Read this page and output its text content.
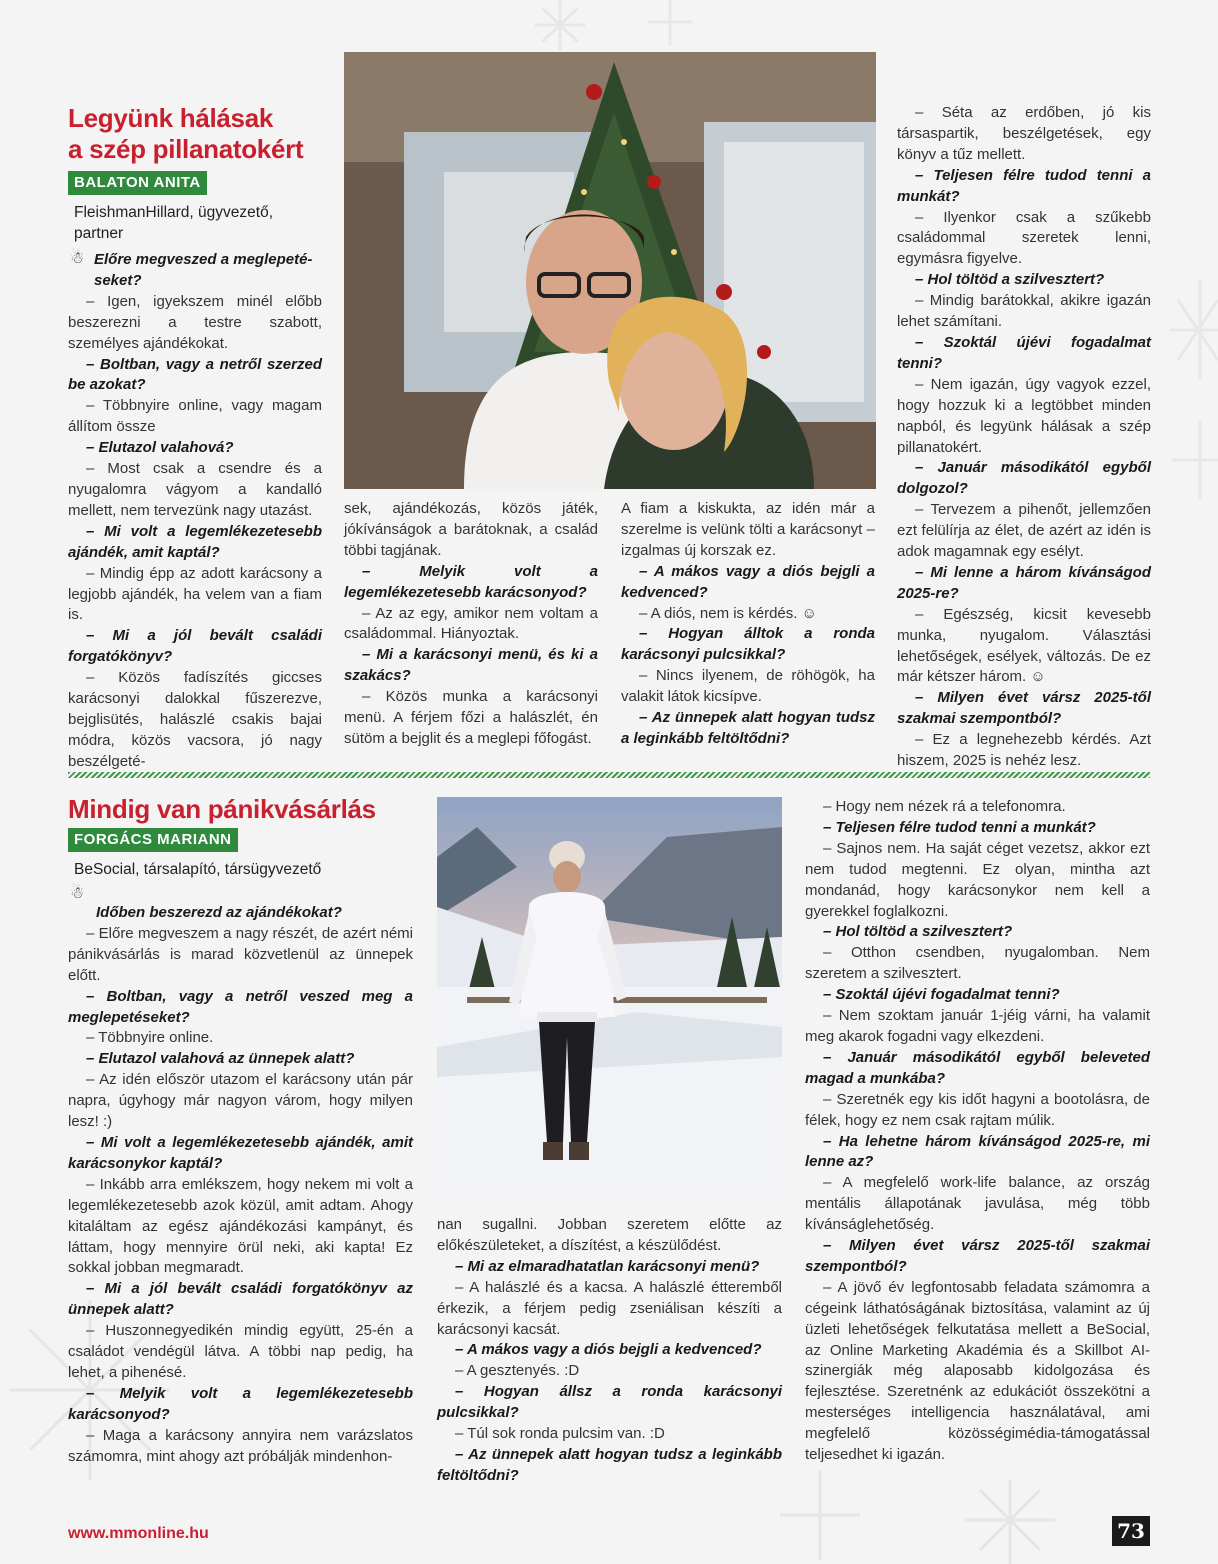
Legyünk hálásak
a szép pillanatokért
BALATON ANITA
FleishmanHillard, ügyvezető,
partner
☃ Előre megveszed a meglepeté-

seket?

– Igen, igyekszem minél előbb beszerezni a testre szabott, személyes ajándékokat.

– Boltban, vagy a netről szerzed be azokat?

– Többnyire online, vagy magam állítom össze

– Elutazol valahová?

– Most csak a csendre és a nyugalomra vágyom a kandalló mellett, nem tervezünk nagy utazást.

– Mi volt a legemlékezetesebb ajándék, amit kaptál?

– Mindig épp az adott karácsony a legjobb ajándék, ha velem van a fiam is.

– Mi a jól bevált családi forgatókönyv?

– Közös fadíszítés giccses karácsonyi dalokkal fűszerezve, bejglisütés, halászlé csakis bajai módra, közös vacsora, jó nagy beszélgeté-

sek, ajándékozás, közös játék, jókívánságok a barátoknak, a család többi tagjának.

– Melyik volt a legemlékezetesebb karácsonyod?

– Az az egy, amikor nem voltam a családommal. Hiányoztak.

– Mi a karácsonyi menü, és ki a szakács?

– Közös munka a karácsonyi menü. A férjem főzi a halászlét, én sütöm a bejglit és a meglepi főfogást.

A fiam a kiskukta, az idén már a szerelme is velünk tölti a karácsonyt – izgalmas új korszak ez.

– A mákos vagy a diós bejgli a kedvenced?

– A diós, nem is kérdés. ☺

– Hogyan álltok a ronda karácsonyi pulcsikkal?

– Nincs ilyenem, de röhögök, ha valakit látok kicsípve.

– Az ünnepek alatt hogyan tudsz a leginkább feltöltődni?

– Séta az erdőben, jó kis társaspartik, beszélgetések, egy könyv a tűz mellett.

– Teljesen félre tudod tenni a munkát?

– Ilyenkor csak a szűkebb családommal szeretek lenni, egymásra figyelve.

– Hol töltöd a szilvesztert?

– Mindig barátokkal, akikre igazán lehet számítani.

– Szoktál újévi fogadalmat tenni?

– Nem igazán, úgy vagyok ezzel, hogy hozzuk ki a legtöbbet minden napból, és legyünk hálásak a szép pillanatokért.

– Január másodikától egyből dolgozol?

– Tervezem a pihenőt, jellemzően ezt felülírja az élet, de azért az idén is adok magamnak egy esélyt.

– Mi lenne a három kívánságod 2025-re?

– Egészség, kicsit kevesebb munka, nyugalom. Választási lehetőségek, esélyek, változás. De ez már kétszer három. ☺

– Milyen évet vársz 2025-től szakmai szempontból?

– Ez a legnehezebb kérdés. Azt hiszem, 2025 is nehéz lesz.

Mindig van pánikvásárlás
FORGÁCS MARIANN
BeSocial, társalapító, társügyvezető
☃

Időben beszerezd az ajándékokat?

– Előre megveszem a nagy részét, de azért némi pánikvásárlás is marad közvetlenül az ünnepek előtt.

– Boltban, vagy a netről veszed meg a meglepetéseket?

– Többnyire online.

– Elutazol valahová az ünnepek alatt?

– Az idén először utazom el karácsony után pár napra, úgyhogy már nagyon várom, hogy milyen lesz! :)

– Mi volt a legemlékezetesebb ajándék, amit karácsonykor kaptál?

– Inkább arra emlékszem, hogy nekem mi volt a legemlékezetesebb azok közül, amit adtam. Ahogy kitaláltam az egész ajándékozási kampányt, és láttam, hogy mennyire örül neki, aki kapta! Ez sokkal jobban megmaradt.

– Mi a jól bevált családi forgatókönyv az ünnepek alatt?

– Huszonnegyedikén mindig együtt, 25-én a családot vendégül látva. A többi nap pedig, ha lehet, a pihenésé.

– Melyik volt a legemlékezetesebb karácsonyod?

– Maga a karácsony annyira nem varázslatos számomra, mint ahogy azt próbálják mindenhon-

nan sugallni. Jobban szeretem előtte az előkészületeket, a díszítést, a készülődést.

– Mi az elmaradhatatlan karácsonyi menü?

– A halászlé és a kacsa. A halászlé étteremből érkezik, a férjem pedig zseniálisan készíti a karácsonyi kacsát.

– A mákos vagy a diós bejgli a kedvenced?

– A gesztenyés. :D

– Hogyan állsz a ronda karácsonyi pulcsikkal?

– Túl sok ronda pulcsim van. :D

– Az ünnepek alatt hogyan tudsz a leginkább feltöltődni?

– Hogy nem nézek rá a telefonomra.

– Teljesen félre tudod tenni a munkát?

– Sajnos nem. Ha saját céget vezetsz, akkor ezt nem tudod megtenni. Ez olyan, mintha azt mondanád, hogy karácsonykor nem kell a gyerekkel foglalkozni.

– Hol töltöd a szilvesztert?

– Otthon csendben, nyugalomban. Nem szeretem a szilvesztert.

– Szoktál újévi fogadalmat tenni?

– Nem szoktam január 1-jéig várni, ha valamit meg akarok fogadni vagy elkezdeni.

– Január másodikától egyből beleveted magad a munkába?

– Szeretnék egy kis időt hagyni a bootolásra, de félek, hogy ez nem csak rajtam múlik.

– Ha lehetne három kívánságod 2025-re, mi lenne az?

– A megfelelő work-life balance, az ország mentális állapotának javulása, még több kívánságlehetőség.

– Milyen évet vársz 2025-től szakmai szempontból?

– A jövő év legfontosabb feladata számomra a cégeink láthatóságának biztosítása, valamint az új üzleti lehetőségek felkutatása mellett a BeSocial, az Online Marketing Akadémia és a Skillbot AI-szinergiák még alaposabb kidolgozása és fejlesztése. Szeretnénk az edukációt összekötni a mesterséges intelligencia használatával, ami megfelelő közösségimédia-támogatással teljesedhet ki igazán.

www.mmonline.hu	73
